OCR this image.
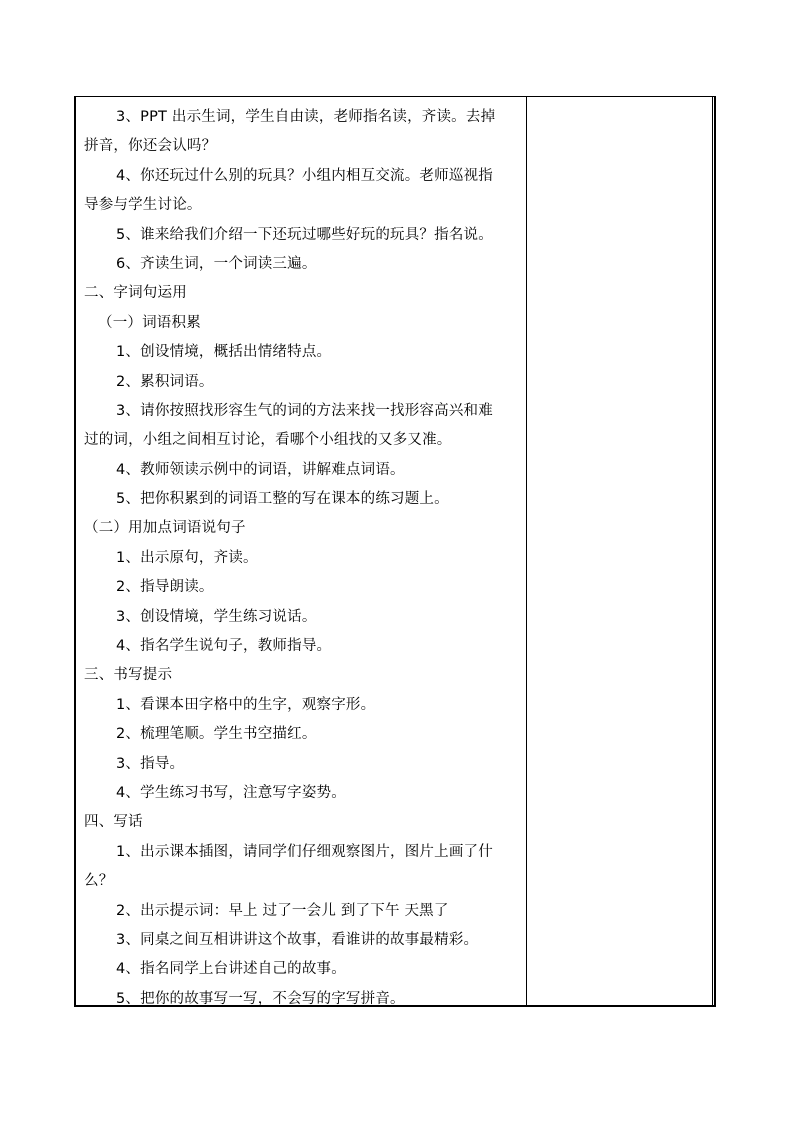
3、PPT 出示生词，学生自由读，老师指名读，齐读。去掉
拼音，你还会认吗？
4、你还玩过什么别的玩具？小组内相互交流。老师巡视指
导参与学生讨论。
5、谁来给我们介绍一下还玩过哪些好玩的玩具？指名说。
6、齐读生词，一个词读三遍。
二、字词句运用
（一）词语积累
1、创设情境，概括出情绪特点。
2、累积词语。
3、请你按照找形容生气的词的方法来找一找形容高兴和难
过的词，小组之间相互讨论，看哪个小组找的又多又准。
4、教师领读示例中的词语，讲解难点词语。
5、把你积累到的词语工整的写在课本的练习题上。
（二）用加点词语说句子
1、出示原句，齐读。
2、指导朗读。
3、创设情境，学生练习说话。
4、指名学生说句子，教师指导。
三、书写提示
1、看课本田字格中的生字，观察字形。
2、梳理笔顺。学生书空描红。
3、指导。
4、学生练习书写，注意写字姿势。
四、写话
1、出示课本插图，请同学们仔细观察图片，图片上画了什
么？
2、出示提示词：早上 过了一会儿 到了下午 天黑了
3、同桌之间互相讲讲这个故事，看谁讲的故事最精彩。
4、指名同学上台讲述自己的故事。
5、把你的故事写一写，不会写的字写拼音。
